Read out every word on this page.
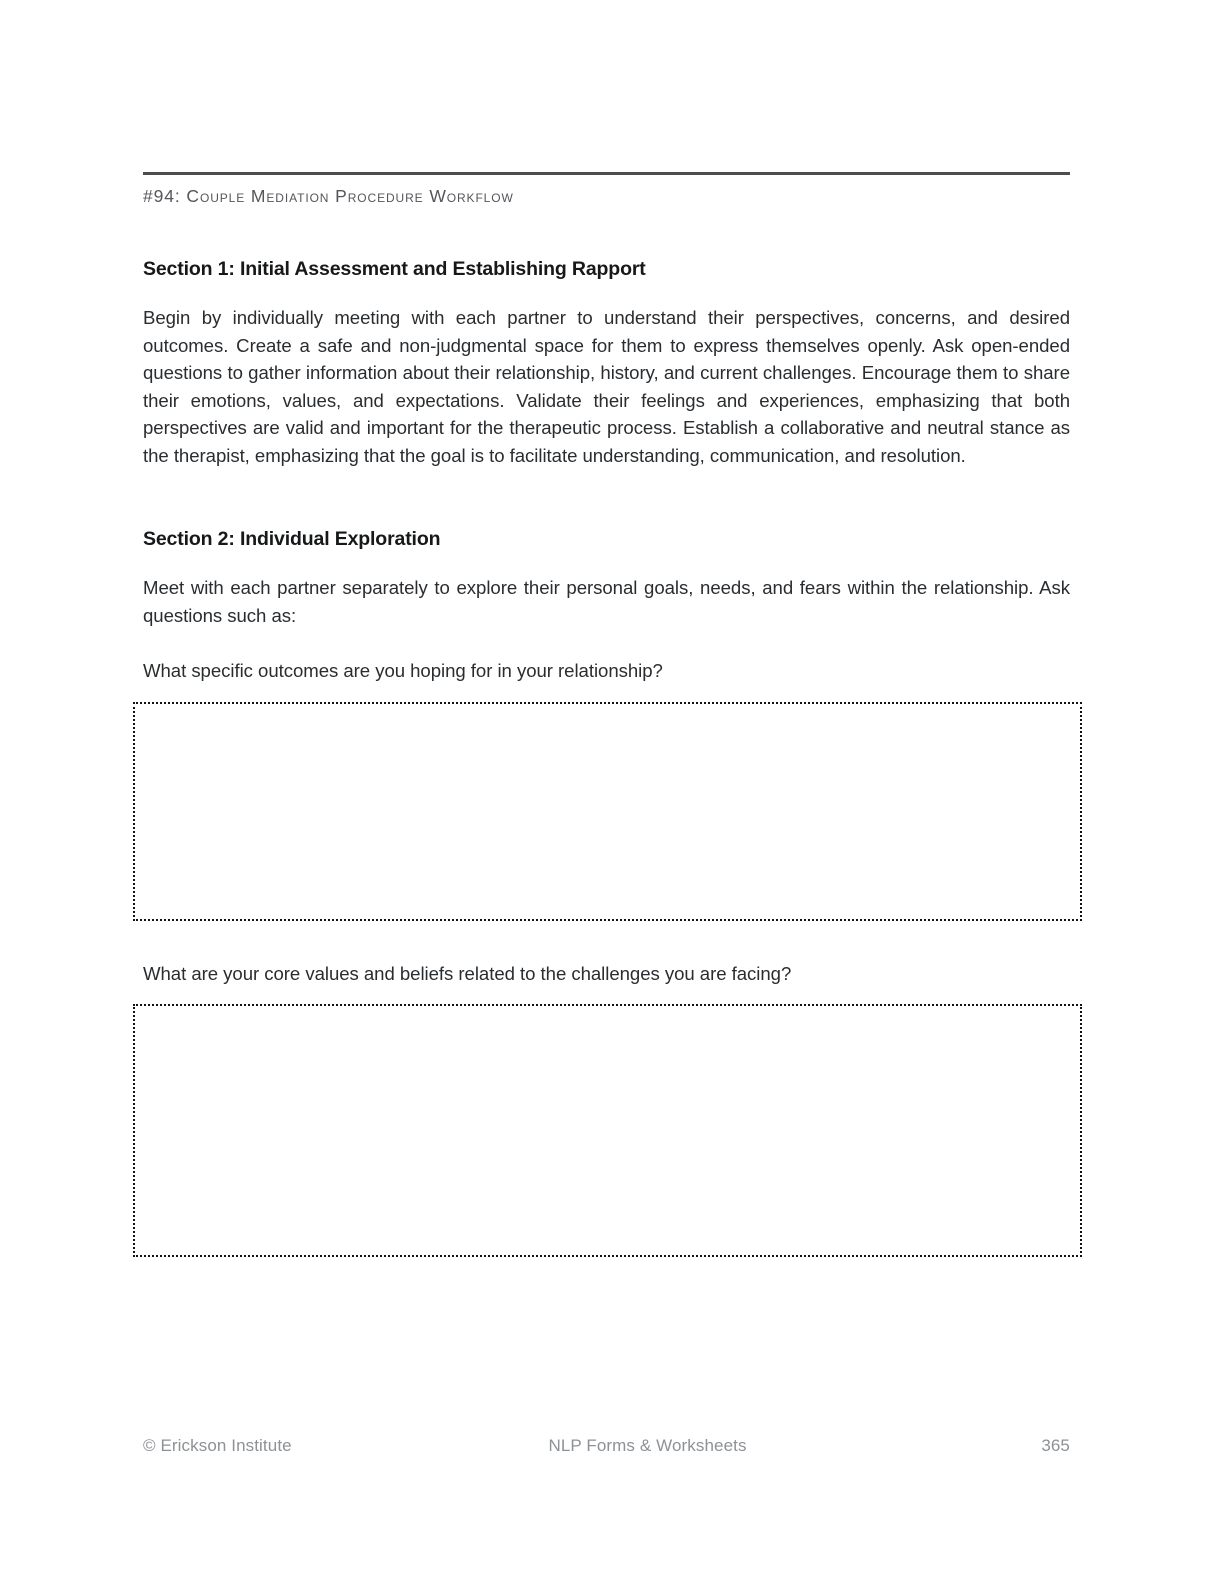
#94: Couple Mediation Procedure Workflow
Section 1: Initial Assessment and Establishing Rapport

Begin by individually meeting with each partner to understand their perspectives, concerns, and desired outcomes. Create a safe and non-judgmental space for them to express themselves openly. Ask open-ended questions to gather information about their relationship, history, and current challenges. Encourage them to share their emotions, values, and expectations. Validate their feelings and experiences, emphasizing that both perspectives are valid and important for the therapeutic process. Establish a collaborative and neutral stance as the therapist, emphasizing that the goal is to facilitate understanding, communication, and resolution.

Section 2: Individual Exploration

Meet with each partner separately to explore their personal goals, needs, and fears within the relationship. Ask questions such as:

What specific outcomes are you hoping for in your relationship?

What are your core values and beliefs related to the challenges you are facing?

© Erickson Institute	NLP Forms & Worksheets	365
